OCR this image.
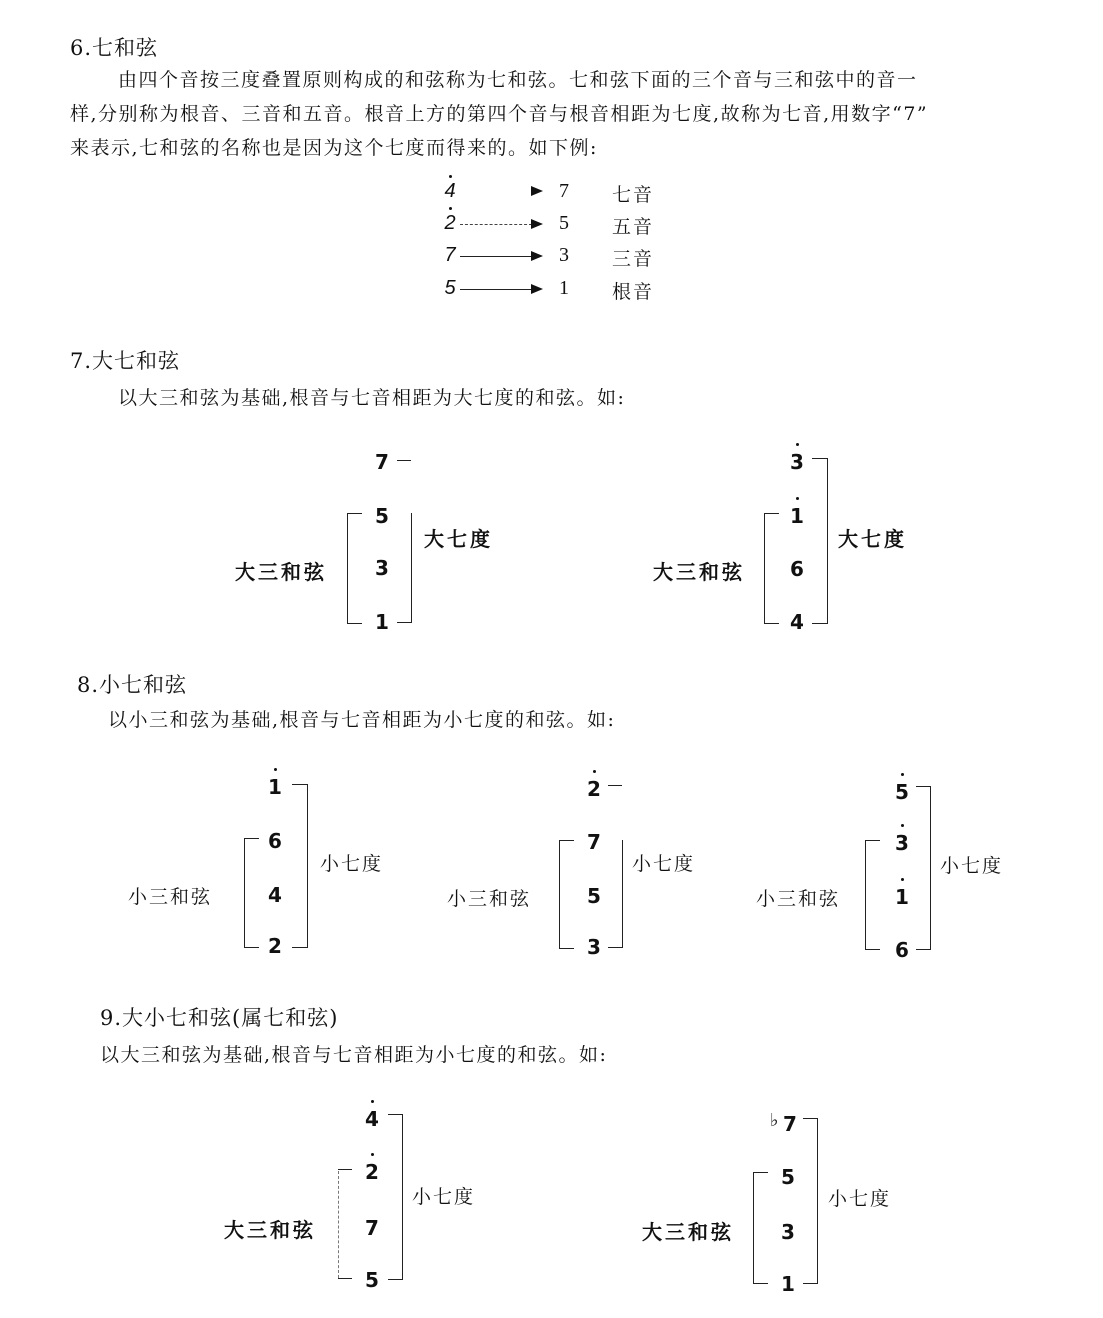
6.七和弦
由四个音按三度叠置原则构成的和弦称为七和弦。七和弦下面的三个音与三和弦中的音一
样,分别称为根音、三音和五音。根音上方的第四个音与根音相距为七度,故称为七音,用数字“7”
来表示,七和弦的名称也是因为这个七度而得来的。如下例:
4	7	七音
2	5	五音
7	3	三音
5	1	根音
7.大七和弦
以大三和弦为基础,根音与七音相距为大七度的和弦。如:
7
5
3
1
大三和弦
大七度
3
1
6
4
大三和弦
大七度
8.小七和弦
以小三和弦为基础,根音与七音相距为小七度的和弦。如:
1
6
4
2
小三和弦
小七度
2
7
5
3
小三和弦
小七度
5
3
1
6
小三和弦
小七度
9.大小七和弦(属七和弦)
以大三和弦为基础,根音与七音相距为小七度的和弦。如:
4
2
7
5
大三和弦
小七度
♭ 7
5
3
1
大三和弦
小七度
